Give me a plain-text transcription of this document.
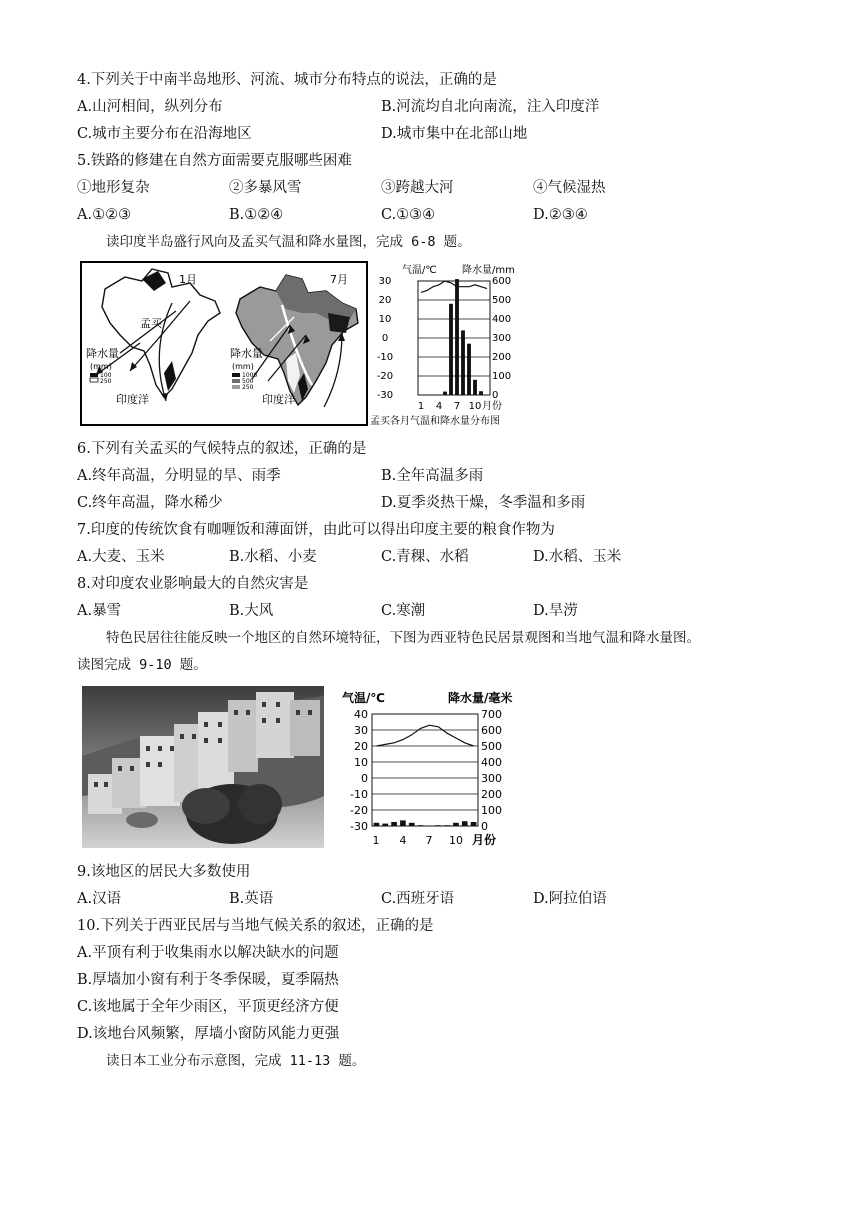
4.下列关于中南半岛地形、河流、城市分布特点的说法，正确的是
A.山河相间，纵列分布	B.河流均自北向南流，注入印度洋
C.城市主要分布在沿海地区	D.城市集中在北部山地
5.铁路的修建在自然方面需要克服哪些困难
①地形复杂	②多暴风雪	③跨越大河	④气候湿热
A.①②③	B.①②④	C.①③④	D.②③④
读印度半岛盛行风向及孟买气温和降水量图，完成 6-8 题。
1月
孟买
降水量
(mm)
100
250
印度洋
7月
降水量
(mm)
1000
500
250
印度洋
气温/℃	降水量/mm
30
20
10
0
-10
-20
-30
600
500
400
300
200
100
0
1 4 7 10 月份
孟买各月气温和降水量分布图
6.下列有关孟买的气候特点的叙述，正确的是
A.终年高温，分明显的旱、雨季	B.全年高温多雨
C.终年高温，降水稀少	D.夏季炎热干燥，冬季温和多雨
7.印度的传统饮食有咖喱饭和薄面饼，由此可以得出印度主要的粮食作物为
A.大麦、玉米	B.水稻、小麦	C.青稞、水稻	D.水稻、玉米
8.对印度农业影响最大的自然灾害是
A.暴雪	B.大风	C.寒潮	D.旱涝
特色民居往往能反映一个地区的自然环境特征，下图为西亚特色民居景观图和当地气温和降水量图。
读图完成 9-10 题。
气温/℃	降水量/毫米
40
30
20
10
0
-10
-20
-30
700
600
500
400
300
200
100
0
1 4 7 10 月份
9.该地区的居民大多数使用
A.汉语	B.英语	C.西班牙语	D.阿拉伯语
10.下列关于西亚民居与当地气候关系的叙述，正确的是
A.平顶有利于收集雨水以解决缺水的问题
B.厚墙加小窗有利于冬季保暖，夏季隔热
C.该地属于全年少雨区，平顶更经济方便
D.该地台风频繁，厚墙小窗防风能力更强
读日本工业分布示意图，完成 11-13 题。
